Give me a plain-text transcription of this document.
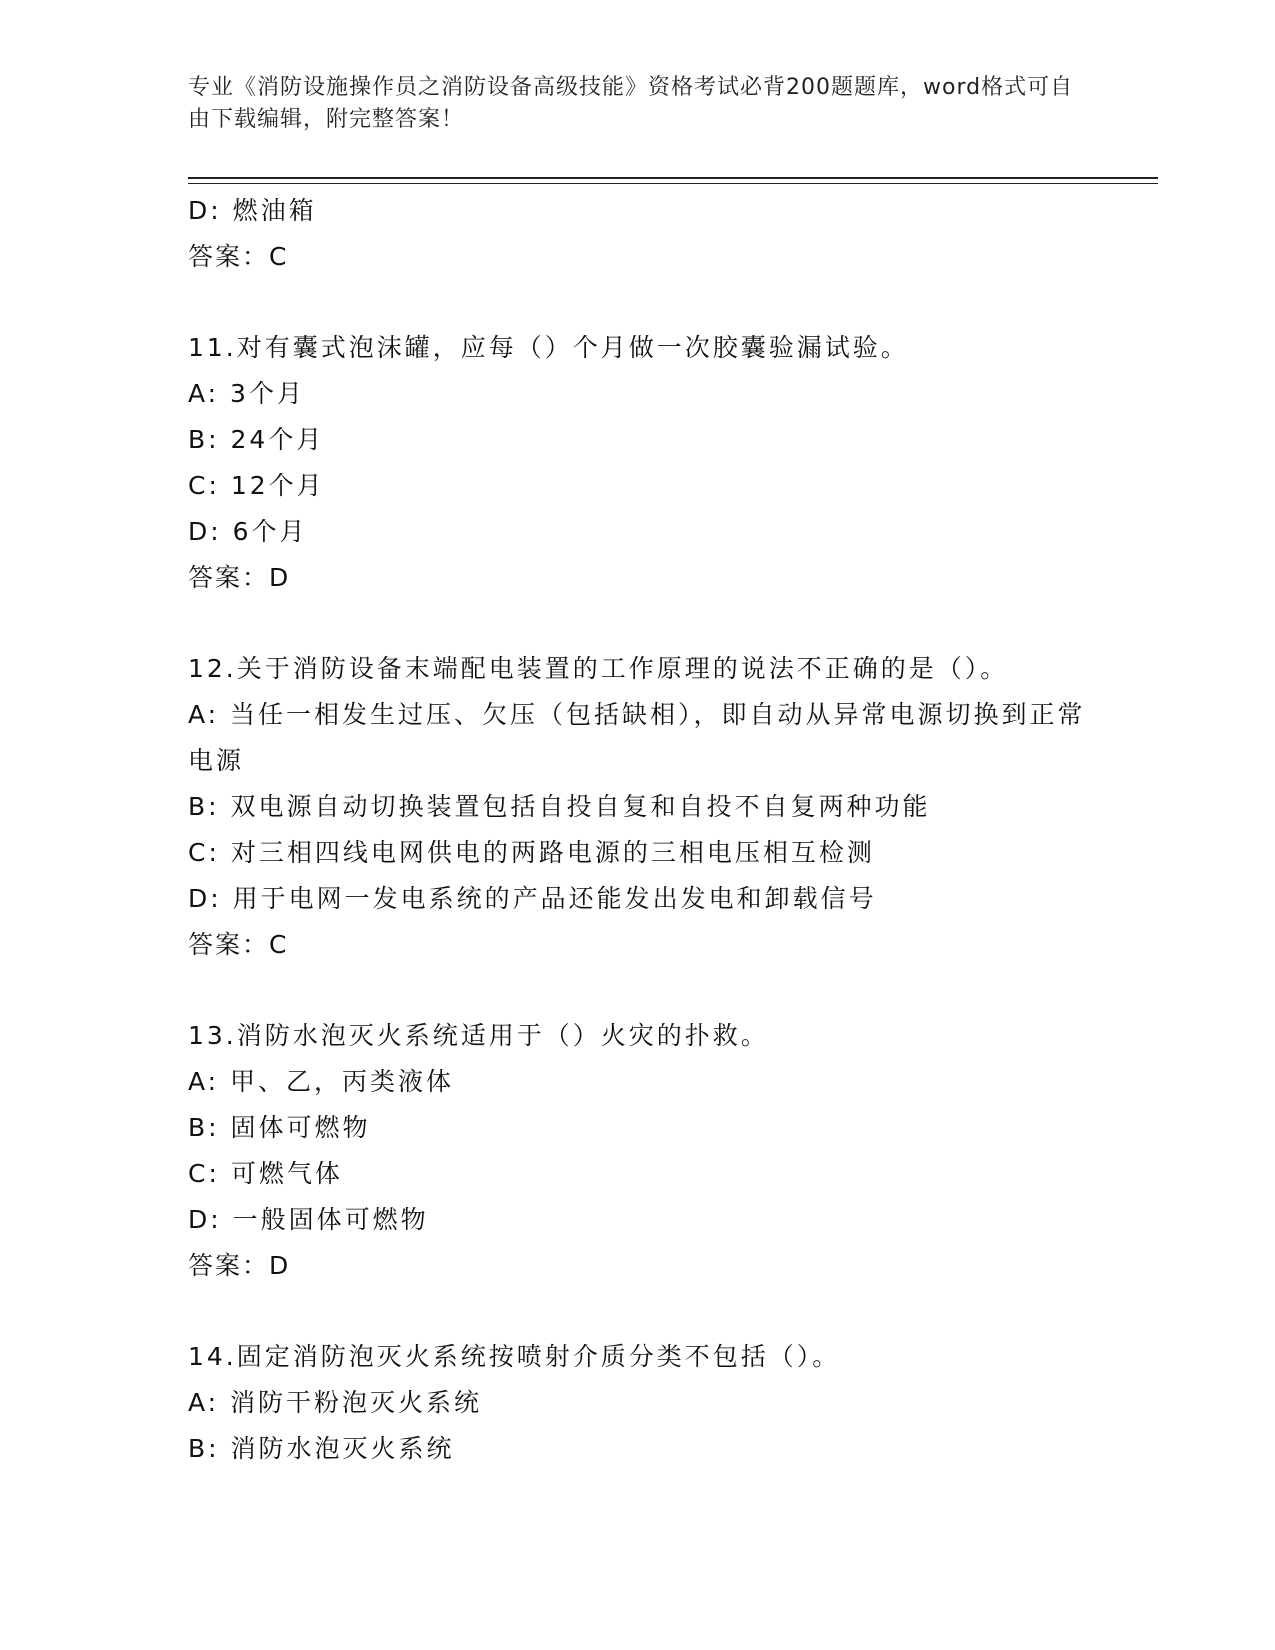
专业《消防设施操作员之消防设备高级技能》资格考试必背200题题库，word格式可自由下载编辑，附完整答案！
D: 燃油箱
答案：C
11.对有囊式泡沫罐，应每（）个月做一次胶囊验漏试验。
A: 3个月
B: 24个月
C: 12个月
D: 6个月
答案：D
12.关于消防设备末端配电装置的工作原理的说法不正确的是（）。
A: 当任一相发生过压、欠压（包括缺相），即自动从异常电源切换到正常电源
B: 双电源自动切换装置包括自投自复和自投不自复两种功能
C: 对三相四线电网供电的两路电源的三相电压相互检测
D: 用于电网一发电系统的产品还能发出发电和卸载信号
答案：C
13.消防水泡灭火系统适用于（）火灾的扑救。
A: 甲、乙，丙类液体
B: 固体可燃物
C: 可燃气体
D: 一般固体可燃物
答案：D
14.固定消防泡灭火系统按喷射介质分类不包括（）。
A: 消防干粉泡灭火系统
B: 消防水泡灭火系统
